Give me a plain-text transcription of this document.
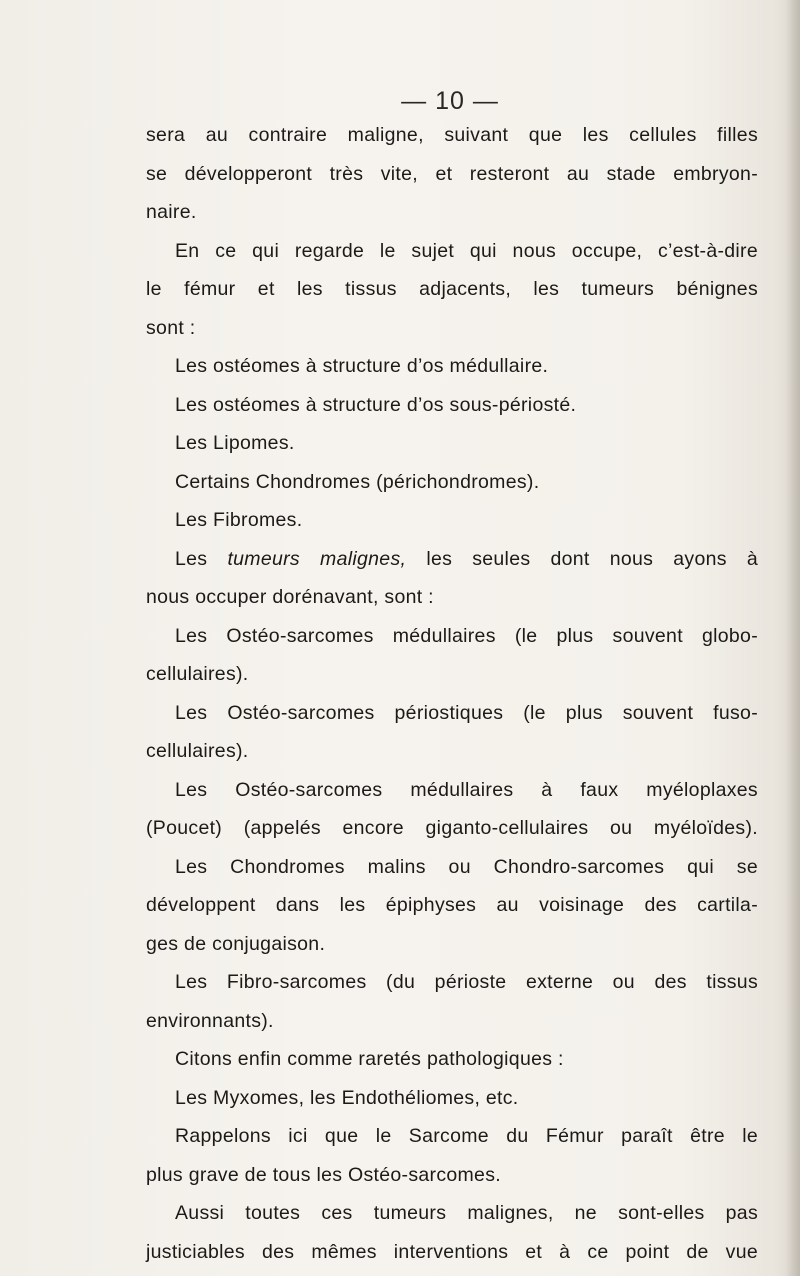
— 10 —
sera au contraire maligne, suivant que les cellules filles
se développeront très vite, et resteront au stade embryon-
naire.
En ce qui regarde le sujet qui nous occupe, c’est-à-dire
le fémur et les tissus adjacents, les tumeurs bénignes
sont :
Les ostéomes à structure d’os médullaire.
Les ostéomes à structure d’os sous-périosté.
Les Lipomes.
Certains Chondromes (périchondromes).
Les Fibromes.
Les tumeurs malignes, les seules dont nous ayons à
nous occuper dorénavant, sont :
Les Ostéo-sarcomes médullaires (le plus souvent globo-
cellulaires).
Les Ostéo-sarcomes périostiques (le plus souvent fuso-
cellulaires).
Les Ostéo-sarcomes médullaires à faux myéloplaxes
(Poucet) (appelés encore giganto-cellulaires ou myéloïdes).
Les Chondromes malins ou Chondro-sarcomes qui se
développent dans les épiphyses au voisinage des cartila-
ges de conjugaison.
Les Fibro-sarcomes (du périoste externe ou des tissus
environnants).
Citons enfin comme raretés pathologiques :
Les Myxomes, les Endothéliomes, etc.
Rappelons ici que le Sarcome du Fémur paraît être le
plus grave de tous les Ostéo-sarcomes.
Aussi toutes ces tumeurs malignes, ne sont-elles pas
justiciables des mêmes interventions et à ce point de vue
